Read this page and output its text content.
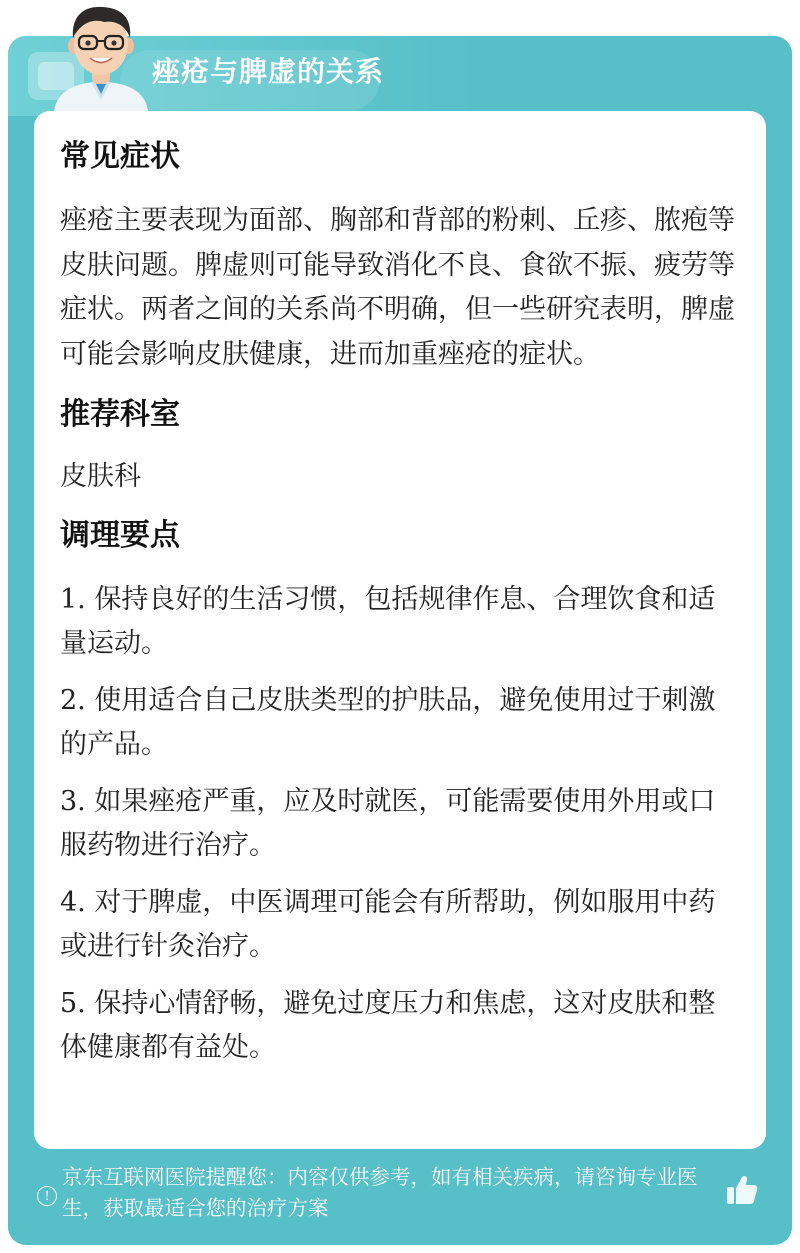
痤疮与脾虚的关系
常见症状

痤疮主要表现为面部、胸部和背部的粉刺、丘疹、脓疱等皮肤问题。脾虚则可能导致消化不良、食欲不振、疲劳等症状。两者之间的关系尚不明确，但一些研究表明，脾虚可能会影响皮肤健康，进而加重痤疮的症状。

推荐科室

皮肤科

调理要点
1. 保持良好的生活习惯，包括规律作息、合理饮食和适量运动。
2. 使用适合自己皮肤类型的护肤品，避免使用过于刺激的产品。
3. 如果痤疮严重，应及时就医，可能需要使用外用或口服药物进行治疗。
4. 对于脾虚，中医调理可能会有所帮助，例如服用中药或进行针灸治疗。
5. 保持心情舒畅，避免过度压力和焦虑，这对皮肤和整体健康都有益处。
!
京东互联网医院提醒您：内容仅供参考，如有相关疾病，请咨询专业医生，获取最适合您的治疗方案
